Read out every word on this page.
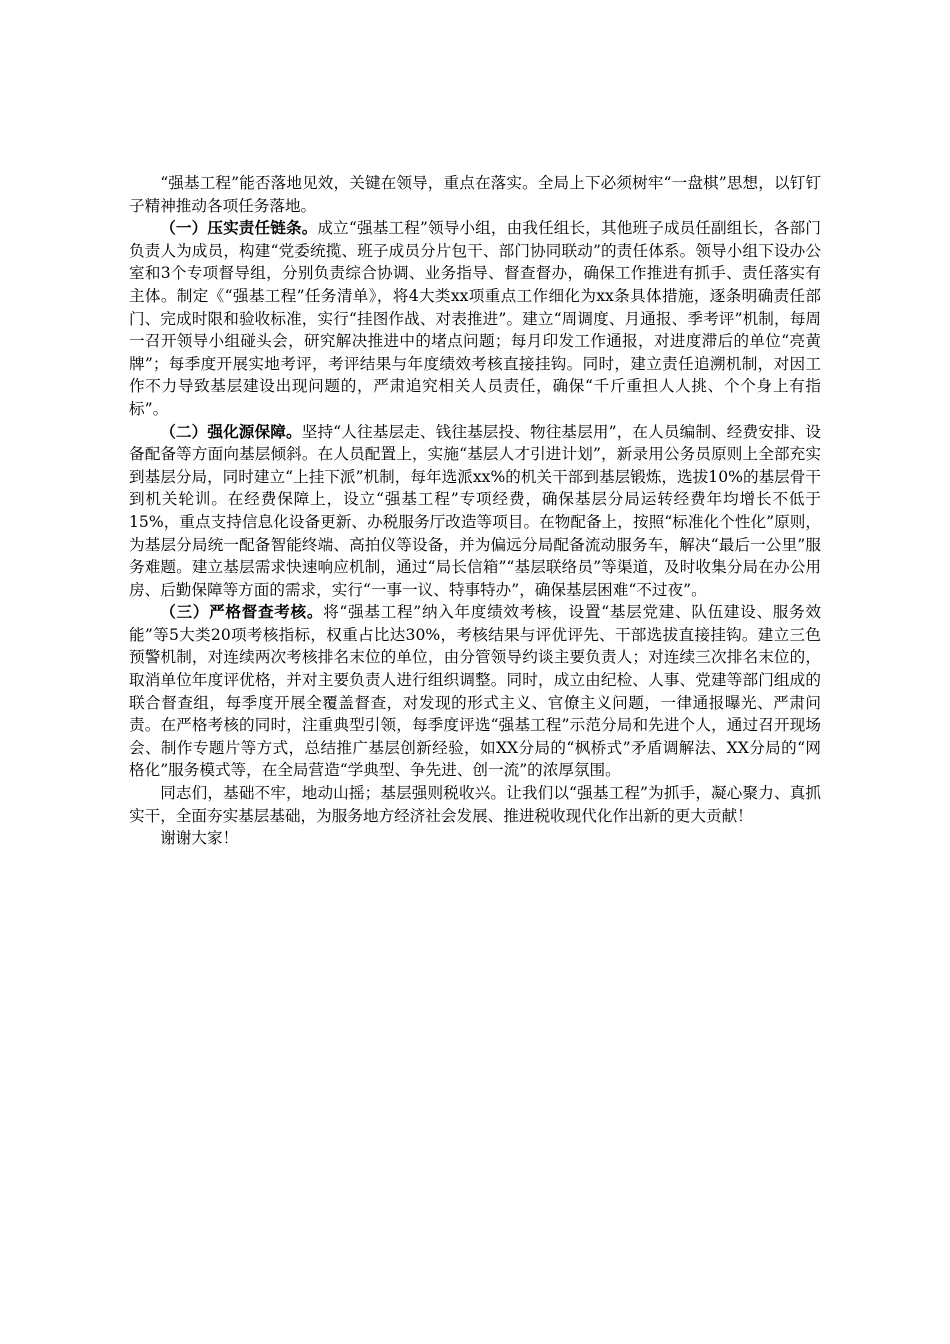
“强基工程”能否落地见效，关键在领导，重点在落实。全局上下必须树牢“一盘棋”思想，以钉钉子精神推动各项任务落地。

（一）压实责任链条。成立“强基工程”领导小组，由我任组长，其他班子成员任副组长，各部门负责人为成员，构建“党委统揽、班子成员分片包干、部门协同联动”的责任体系。领导小组下设办公室和3个专项督导组，分别负责综合协调、业务指导、督查督办，确保工作推进有抓手、责任落实有主体。制定《“强基工程”任务清单》，将4大类xx项重点工作细化为xx条具体措施，逐条明确责任部门、完成时限和验收标准，实行“挂图作战、对表推进”。建立“周调度、月通报、季考评”机制，每周一召开领导小组碰头会，研究解决推进中的堵点问题；每月印发工作通报，对进度滞后的单位“亮黄牌”；每季度开展实地考评，考评结果与年度绩效考核直接挂钩。同时，建立责任追溯机制，对因工作不力导致基层建设出现问题的，严肃追究相关人员责任，确保“千斤重担人人挑、个个身上有指标”。

（二）强化源保障。坚持“人往基层走、钱往基层投、物往基层用”，在人员编制、经费安排、设备配备等方面向基层倾斜。在人员配置上，实施“基层人才引进计划”，新录用公务员原则上全部充实到基层分局，同时建立“上挂下派”机制，每年选派xx%的机关干部到基层锻炼，选拔10%的基层骨干到机关轮训。在经费保障上，设立“强基工程”专项经费，确保基层分局运转经费年均增长不低于15%，重点支持信息化设备更新、办税服务厅改造等项目。在物配备上，按照“标准化个性化”原则，为基层分局统一配备智能终端、高拍仪等设备，并为偏远分局配备流动服务车，解决“最后一公里”服务难题。建立基层需求快速响应机制，通过“局长信箱”“基层联络员”等渠道，及时收集分局在办公用房、后勤保障等方面的需求，实行“一事一议、特事特办”，确保基层困难“不过夜”。

（三）严格督查考核。将“强基工程”纳入年度绩效考核，设置“基层党建、队伍建设、服务效能”等5大类20项考核指标，权重占比达30%，考核结果与评优评先、干部选拔直接挂钩。建立三色预警机制，对连续两次考核排名末位的单位，由分管领导约谈主要负责人；对连续三次排名末位的，取消单位年度评优格，并对主要负责人进行组织调整。同时，成立由纪检、人事、党建等部门组成的联合督查组，每季度开展全覆盖督查，对发现的形式主义、官僚主义问题，一律通报曝光、严肃问责。在严格考核的同时，注重典型引领，每季度评选“强基工程”示范分局和先进个人，通过召开现场会、制作专题片等方式，总结推广基层创新经验，如XX分局的“枫桥式”矛盾调解法、XX分局的“网格化”服务模式等，在全局营造“学典型、争先进、创一流”的浓厚氛围。

同志们，基础不牢，地动山摇；基层强则税收兴。让我们以“强基工程”为抓手，凝心聚力、真抓实干，全面夯实基层基础，为服务地方经济社会发展、推进税收现代化作出新的更大贡献！

谢谢大家！
